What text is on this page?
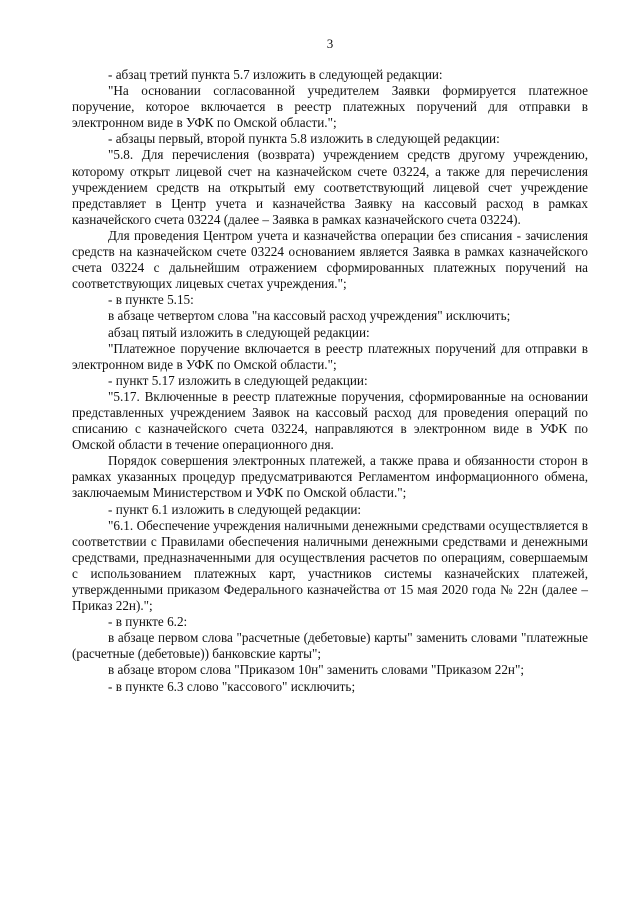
3

- абзац третий пункта 5.7 изложить в следующей редакции:

"На основании согласованной учредителем Заявки формируется платежное поручение, которое включается в реестр платежных поручений для отправки в электронном виде в УФК по Омской области.";

- абзацы первый, второй пункта 5.8 изложить в следующей редакции:

"5.8. Для перечисления (возврата) учреждением средств другому учреждению, которому открыт лицевой счет на казначейском счете 03224, а также для перечисления учреждением средств на открытый ему соответствующий лицевой счет учреждение представляет в Центр учета и казначейства Заявку на кассовый расход в рамках казначейского счета 03224 (далее – Заявка в рамках казначейского счета 03224).

Для проведения Центром учета и казначейства операции без списания - зачисления средств на казначейском счете 03224 основанием является Заявка в рамках казначейского счета 03224 с дальнейшим отражением сформированных платежных поручений на соответствующих лицевых счетах учреждения.";

- в пункте 5.15:

в абзаце четвертом слова "на кассовый расход учреждения" исключить;

абзац пятый изложить в следующей редакции:

"Платежное поручение включается в реестр платежных поручений для отправки в электронном виде в УФК по Омской области.";

- пункт 5.17 изложить в следующей редакции:

"5.17. Включенные в реестр платежные поручения, сформированные на основании представленных учреждением Заявок на кассовый расход для проведения операций по списанию с казначейского счета 03224, направляются в электронном виде в УФК по Омской области в течение операционного дня.

Порядок совершения электронных платежей, а также права и обязанности сторон в рамках указанных процедур предусматриваются Регламентом информационного обмена, заключаемым Министерством и УФК по Омской области.";

- пункт 6.1 изложить в следующей редакции:

"6.1. Обеспечение учреждения наличными денежными средствами осуществляется в соответствии с Правилами обеспечения наличными денежными средствами и денежными средствами, предназначенными для осуществления расчетов по операциям, совершаемым с использованием платежных карт, участников системы казначейских платежей, утвержденными приказом Федерального казначейства от 15 мая 2020 года № 22н (далее – Приказ 22н).";

- в пункте 6.2:

в абзаце первом слова "расчетные (дебетовые) карты" заменить словами "платежные (расчетные (дебетовые)) банковские карты";

в абзаце втором слова "Приказом 10н" заменить словами "Приказом 22н";

- в пункте 6.3 слово "кассового" исключить;
